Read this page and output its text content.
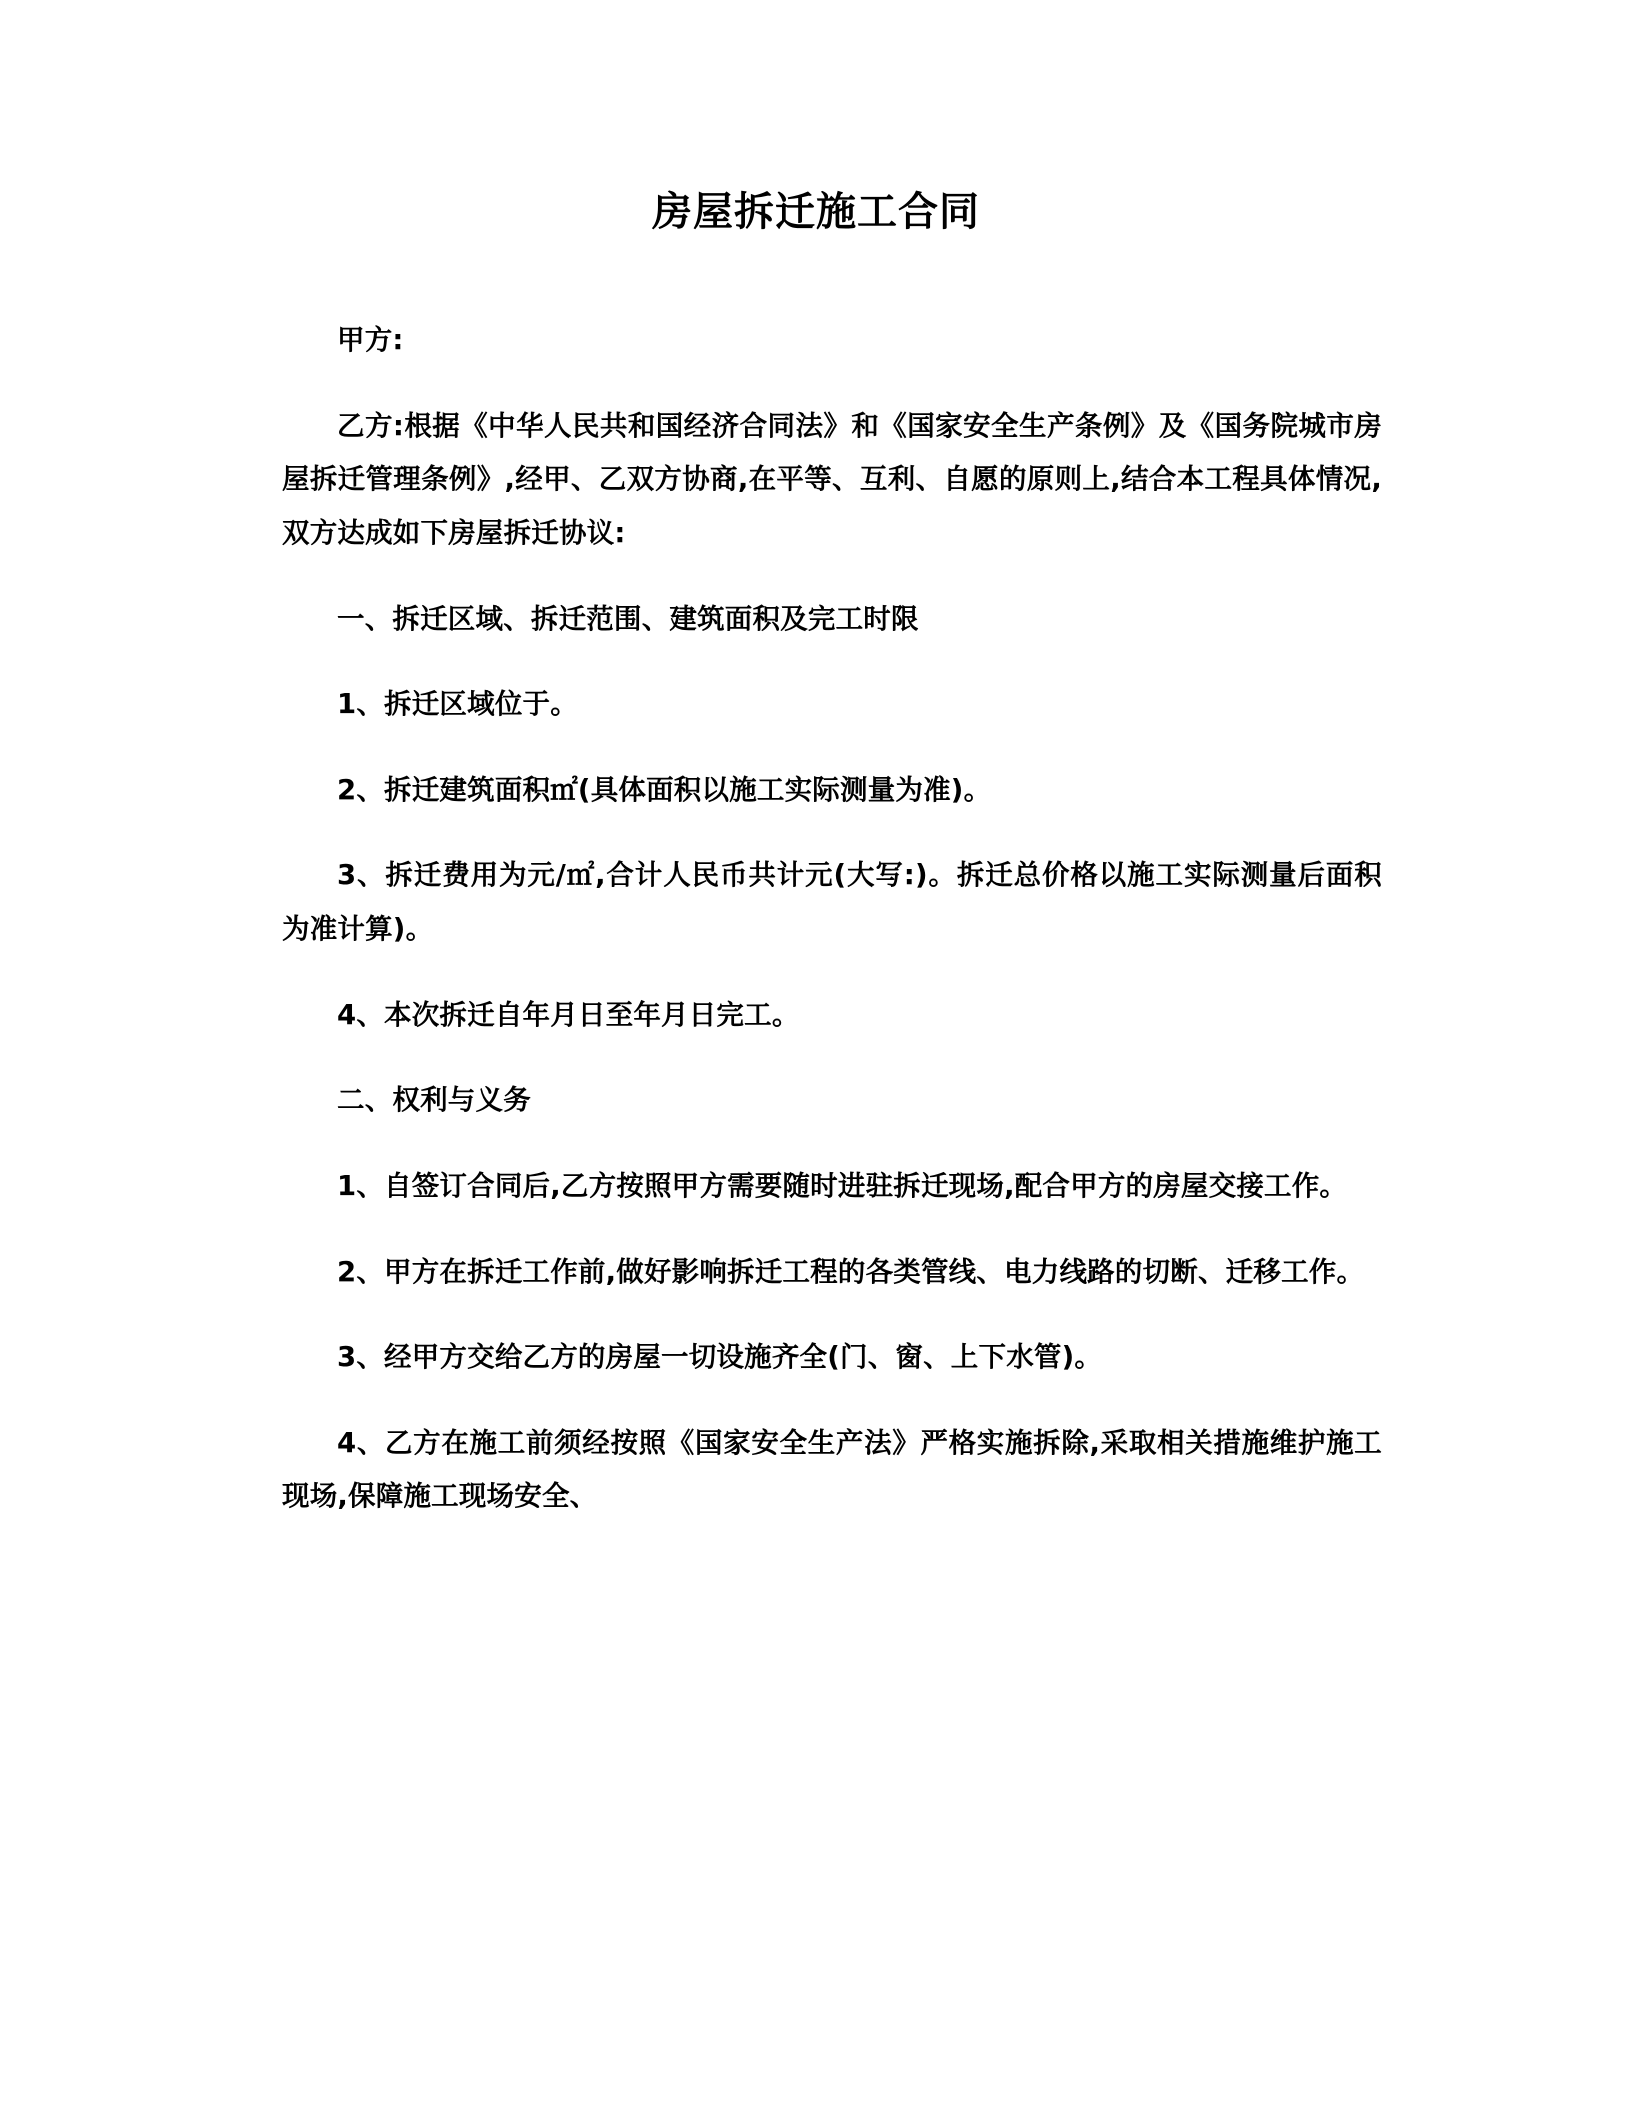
房屋拆迁施工合同

甲方:

乙方:根据《中华人民共和国经济合同法》和《国家安全生产条例》及《国务院城市房屋拆迁管理条例》,经甲、乙双方协商,在平等、互利、自愿的原则上,结合本工程具体情况,双方达成如下房屋拆迁协议:

一、拆迁区域、拆迁范围、建筑面积及完工时限

1、拆迁区域位于。

2、拆迁建筑面积㎡(具体面积以施工实际测量为准)。

3、拆迁费用为元/㎡,合计人民币共计元(大写:)。拆迁总价格以施工实际测量后面积为准计算)。

4、本次拆迁自年月日至年月日完工。

二、权利与义务

1、自签订合同后,乙方按照甲方需要随时进驻拆迁现场,配合甲方的房屋交接工作。

2、甲方在拆迁工作前,做好影响拆迁工程的各类管线、电力线路的切断、迁移工作。

3、经甲方交给乙方的房屋一切设施齐全(门、窗、上下水管)。

4、乙方在施工前须经按照《国家安全生产法》严格实施拆除,采取相关措施维护施工现场,保障施工现场安全、
